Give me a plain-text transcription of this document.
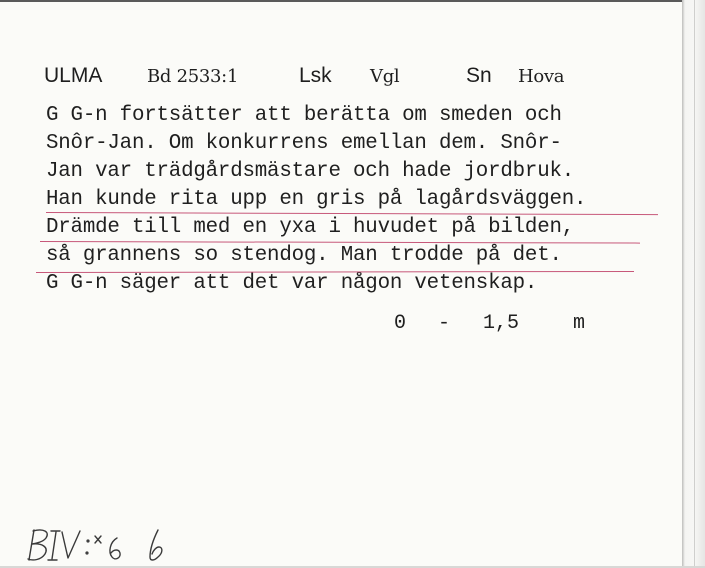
ULMA Bd 2533:1	Lsk Vgl	Sn Hova
G G-n fortsätter att berätta om smeden och
Snôr-Jan. Om konkurrens emellan dem. Snôr-
Jan var trädgårdsmästare och hade jordbruk.
Han kunde rita upp en gris på lagårdsväggen.
Drämde till med en yxa i huvudet på bilden,
så grannens so stendog. Man trodde på det.
G G-n säger att det var någon vetenskap.
0 - 1,5	m
